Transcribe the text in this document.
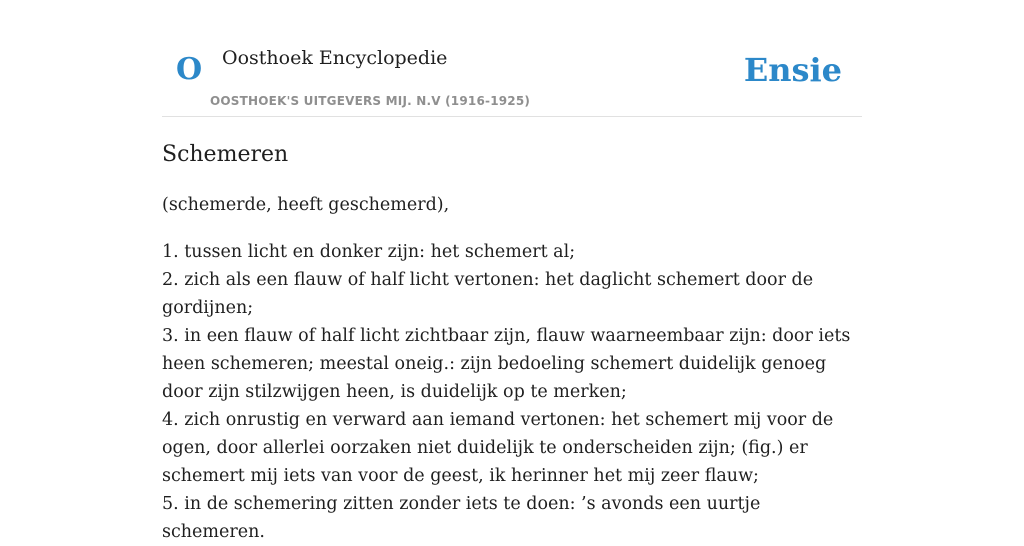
O Oosthoek Encyclopedie
OOSTHOEK'S UITGEVERS MIJ. N.V (1916-1925)
Ensie
Schemeren

(schemerde, heeft geschemerd),

1. tussen licht en donker zijn: het schemert al;
2. zich als een flauw of half licht vertonen: het daglicht schemert door de gordijnen;
3. in een flauw of half licht zichtbaar zijn, flauw waarneembaar zijn: door iets heen schemeren; meestal oneig.: zijn bedoeling schemert duidelijk genoeg door zijn stilzwijgen heen, is duidelijk op te merken;
4. zich onrustig en verward aan iemand vertonen: het schemert mij voor de ogen, door allerlei oorzaken niet duidelijk te onderscheiden zijn; (fig.) er schemert mij iets van voor de geest, ik herinner het mij zeer flauw;
5. in de schemering zitten zonder iets te doen: ’s avonds een uurtje schemeren.
